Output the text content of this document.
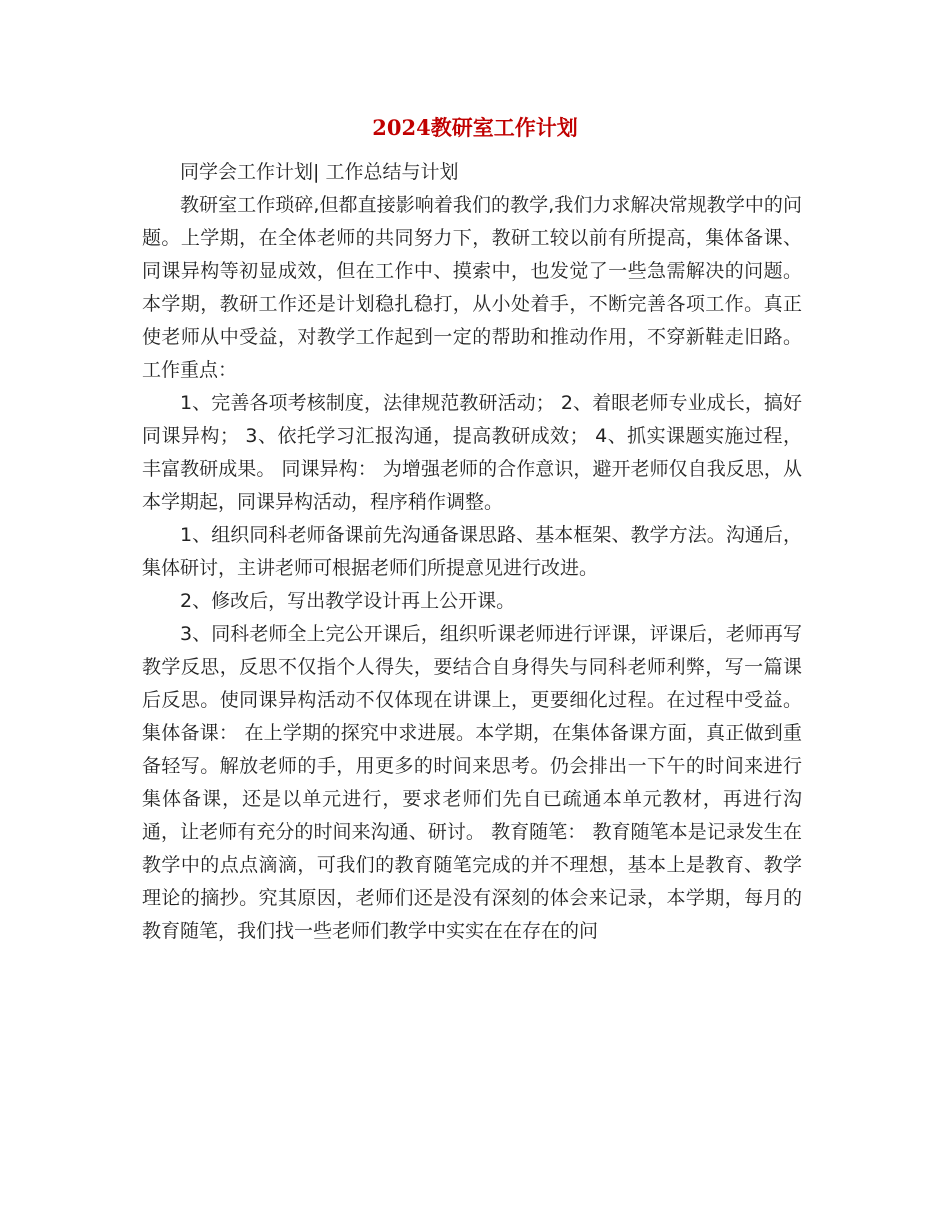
2024教研室工作计划

同学会工作计划| 工作总结与计划

教研室工作琐碎,但都直接影响着我们的教学,我们力求解决常规教学中的问题。上学期，在全体老师的共同努力下，教研工较以前有所提高，集体备课、同课异构等初显成效，但在工作中、摸索中，也发觉了一些急需解决的问题。本学期，教研工作还是计划稳扎稳打，从小处着手，不断完善各项工作。真正使老师从中受益，对教学工作起到一定的帮助和推动作用，不穿新鞋走旧路。工作重点：

1、完善各项考核制度，法律规范教研活动； 2、着眼老师专业成长，搞好同课异构； 3、依托学习汇报沟通，提高教研成效； 4、抓实课题实施过程，丰富教研成果。 同课异构： 为增强老师的合作意识，避开老师仅自我反思，从本学期起，同课异构活动，程序稍作调整。

1、组织同科老师备课前先沟通备课思路、基本框架、教学方法。沟通后，集体研讨，主讲老师可根据老师们所提意见进行改进。

2、修改后，写出教学设计再上公开课。

3、同科老师全上完公开课后，组织听课老师进行评课，评课后，老师再写教学反思，反思不仅指个人得失，要结合自身得失与同科老师利弊，写一篇课后反思。使同课异构活动不仅体现在讲课上，更要细化过程。在过程中受益。 集体备课： 在上学期的探究中求进展。本学期，在集体备课方面，真正做到重备轻写。解放老师的手，用更多的时间来思考。仍会排出一下午的时间来进行集体备课，还是以单元进行，要求老师们先自已疏通本单元教材，再进行沟通，让老师有充分的时间来沟通、研讨。 教育随笔： 教育随笔本是记录发生在教学中的点点滴滴，可我们的教育随笔完成的并不理想，基本上是教育、教学理论的摘抄。究其原因，老师们还是没有深刻的体会来记录，本学期，每月的教育随笔，我们找一些老师们教学中实实在在存在的问
